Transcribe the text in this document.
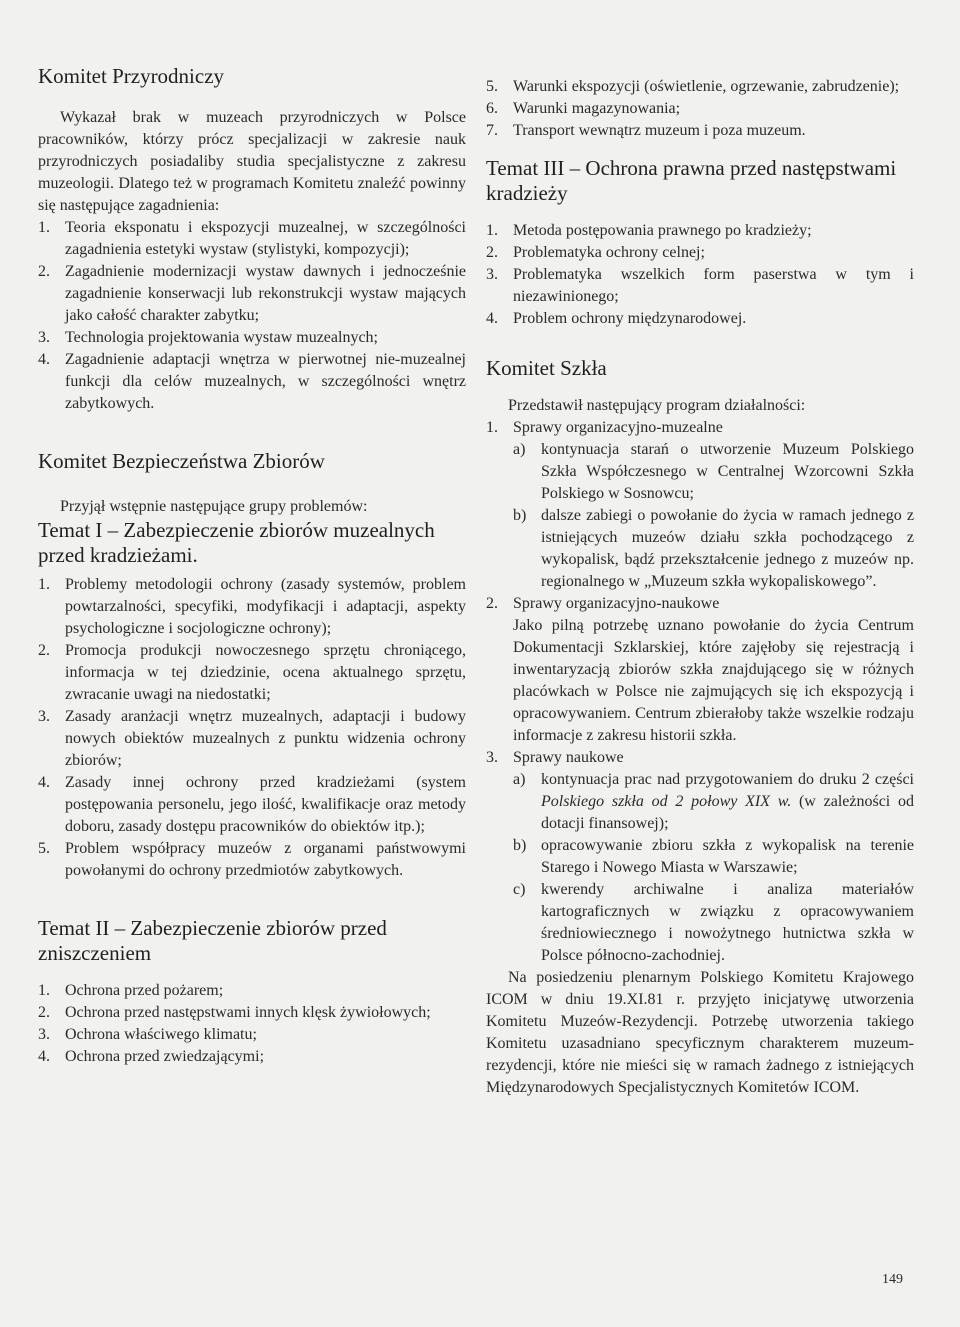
Komitet Przyrodniczy

Wykazał brak w muzeach przyrodniczych w Polsce pracowników, którzy prócz specjalizacji w zakresie nauk przyrodniczych posiadaliby studia specjalistyczne z zakresu muzeologii. Dlatego też w programach Komitetu znaleźć powinny się następujące zagadnienia:

1. Teoria eksponatu i ekspozycji muzealnej, w szczególności zagadnienia estetyki wystaw (stylistyki, kompozycji);
2. Zagadnienie modernizacji wystaw dawnych i jednocześnie zagadnienie konserwacji lub rekonstrukcji wystaw mających jako całość charakter zabytku;
3. Technologia projektowania wystaw muzealnych;
4. Zagadnienie adaptacji wnętrza w pierwotnej nie-muzealnej funkcji dla celów muzealnych, w szczególności wnętrz zabytkowych.
Komitet Bezpieczeństwa Zbiorów

Przyjął wstępnie następujące grupy problemów:

Temat I – Zabezpieczenie zbiorów muzealnych przed kradzieżami.
1. Problemy metodologii ochrony (zasady systemów, problem powtarzalności, specyfiki, modyfikacji i adaptacji, aspekty psychologiczne i socjologiczne ochrony);
2. Promocja produkcji nowoczesnego sprzętu chroniącego, informacja w tej dziedzinie, ocena aktualnego sprzętu, zwracanie uwagi na niedostatki;
3. Zasady aranżacji wnętrz muzealnych, adaptacji i budowy nowych obiektów muzealnych z punktu widzenia ochrony zbiorów;
4. Zasady innej ochrony przed kradzieżami (system postępowania personelu, jego ilość, kwalifikacje oraz metody doboru, zasady dostępu pracowników do obiektów itp.);
5. Problem współpracy muzeów z organami państwowymi powołanymi do ochrony przedmiotów zabytkowych.
Temat II – Zabezpieczenie zbiorów przed zniszczeniem
1. Ochrona przed pożarem;
2. Ochrona przed następstwami innych klęsk żywiołowych;
3. Ochrona właściwego klimatu;
4. Ochrona przed zwiedzającymi;
5. Warunki ekspozycji (oświetlenie, ogrzewanie, zabrudzenie);
6. Warunki magazynowania;
7. Transport wewnątrz muzeum i poza muzeum.
Temat III – Ochrona prawna przed następstwami kradzieży
1. Metoda postępowania prawnego po kradzieży;
2. Problematyka ochrony celnej;
3. Problematyka wszelkich form paserstwa w tym i niezawinionego;
4. Problem ochrony międzynarodowej.
Komitet Szkła

Przedstawił następujący program działalności:

1. Sprawy organizacyjno-muzealne
a) kontynuacja starań o utworzenie Muzeum Polskiego Szkła Współczesnego w Centralnej Wzorcowni Szkła Polskiego w Sosnowcu;
b) dalsze zabiegi o powołanie do życia w ramach jednego z istniejących muzeów działu szkła pochodzącego z wykopalisk, bądź przekształcenie jednego z muzeów np. regionalnego w „Muzeum szkła wykopaliskowego”.
2. Sprawy organizacyjno-naukowe

Jako pilną potrzebę uznano powołanie do życia Centrum Dokumentacji Szklarskiej, które zajęłoby się rejestracją i inwentaryzacją zbiorów szkła znajdującego się w różnych placówkach w Polsce nie zajmujących się ich ekspozycją i opracowywaniem. Centrum zbierałoby także wszelkie rodzaju informacje z zakresu historii szkła.

3. Sprawy naukowe
a) kontynuacja prac nad przygotowaniem do druku 2 części Polskiego szkła od 2 połowy XIX w. (w zależności od dotacji finansowej);
b) opracowywanie zbioru szkła z wykopalisk na terenie Starego i Nowego Miasta w Warszawie;
c) kwerendy archiwalne i analiza materiałów kartograficznych w związku z opracowywaniem średniowiecznego i nowożytnego hutnictwa szkła w Polsce północno-zachodniej.

Na posiedzeniu plenarnym Polskiego Komitetu Krajowego ICOM w dniu 19.XI.81 r. przyjęto inicjatywę utworzenia Komitetu Muzeów-Rezydencji. Potrzebę utworzenia takiego Komitetu uzasadniano specyficznym charakterem muzeum-rezydencji, które nie mieści się w ramach żadnego z istniejących Międzynarodowych Specjalistycznych Komitetów ICOM.

149
